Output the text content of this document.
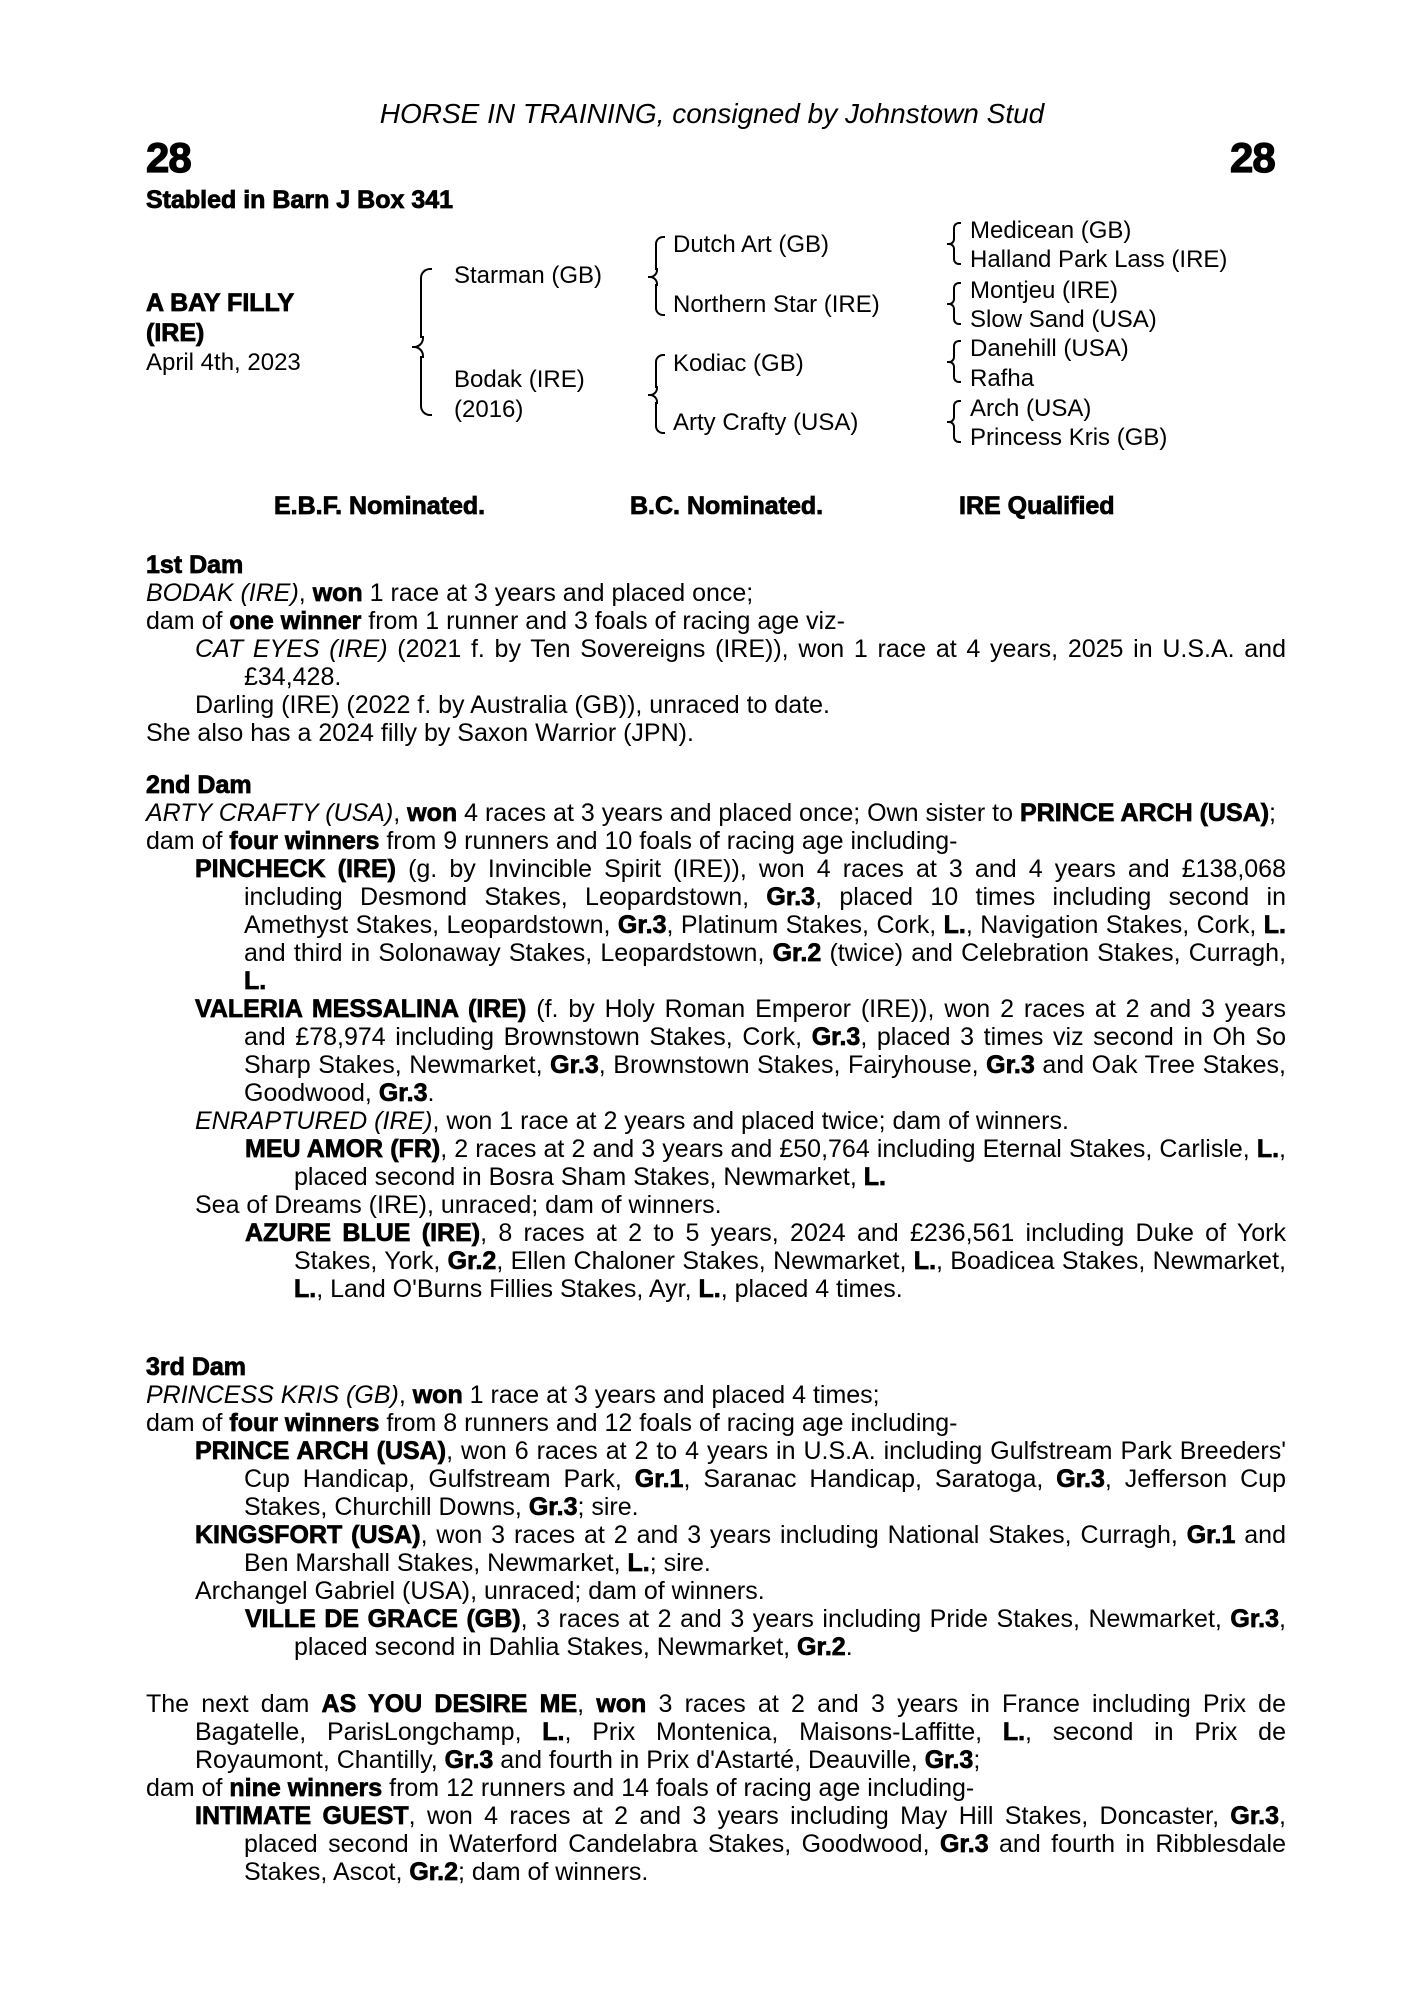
HORSE IN TRAINING, consigned by Johnstown Stud
28	28
Stabled in Barn J Box 341
A BAY FILLY
(IRE)
April 4th, 2023
Starman (GB)
Bodak (IRE)
(2016)
Dutch Art (GB)
Northern Star (IRE)
Kodiac (GB)
Arty Crafty (USA)
Medicean (GB)
Halland Park Lass (IRE)
Montjeu (IRE)
Slow Sand (USA)
Danehill (USA)
Rafha
Arch (USA)
Princess Kris (GB)
E.B.F. Nominated.	B.C. Nominated.	IRE Qualified
1st Dam
BODAK (IRE), won 1 race at 3 years and placed once;
dam of one winner from 1 runner and 3 foals of racing age viz-
CAT EYES (IRE) (2021 f. by Ten Sovereigns (IRE)), won 1 race at 4 years, 2025 in U.S.A. and £34,428.
Darling (IRE) (2022 f. by Australia (GB)), unraced to date.
She also has a 2024 filly by Saxon Warrior (JPN).
2nd Dam
ARTY CRAFTY (USA), won 4 races at 3 years and placed once; Own sister to PRINCE ARCH (USA);
dam of four winners from 9 runners and 10 foals of racing age including-
PINCHECK (IRE) (g. by Invincible Spirit (IRE)), won 4 races at 3 and 4 years and £138,068 including Desmond Stakes, Leopardstown, Gr.3, placed 10 times including second in Amethyst Stakes, Leopardstown, Gr.3, Platinum Stakes, Cork, L., Navigation Stakes, Cork, L. and third in Solonaway Stakes, Leopardstown, Gr.2 (twice) and Celebration Stakes, Curragh, L.
VALERIA MESSALINA (IRE) (f. by Holy Roman Emperor (IRE)), won 2 races at 2 and 3 years and £78,974 including Brownstown Stakes, Cork, Gr.3, placed 3 times viz second in Oh So Sharp Stakes, Newmarket, Gr.3, Brownstown Stakes, Fairyhouse, Gr.3 and Oak Tree Stakes, Goodwood, Gr.3.
ENRAPTURED (IRE), won 1 race at 2 years and placed twice; dam of winners.
MEU AMOR (FR), 2 races at 2 and 3 years and £50,764 including Eternal Stakes, Carlisle, L., placed second in Bosra Sham Stakes, Newmarket, L.
Sea of Dreams (IRE), unraced; dam of winners.
AZURE BLUE (IRE), 8 races at 2 to 5 years, 2024 and £236,561 including Duke of York Stakes, York, Gr.2, Ellen Chaloner Stakes, Newmarket, L., Boadicea Stakes, Newmarket, L., Land O'Burns Fillies Stakes, Ayr, L., placed 4 times.
3rd Dam
PRINCESS KRIS (GB), won 1 race at 3 years and placed 4 times;
dam of four winners from 8 runners and 12 foals of racing age including-
PRINCE ARCH (USA), won 6 races at 2 to 4 years in U.S.A. including Gulfstream Park Breeders' Cup Handicap, Gulfstream Park, Gr.1, Saranac Handicap, Saratoga, Gr.3, Jefferson Cup Stakes, Churchill Downs, Gr.3; sire.
KINGSFORT (USA), won 3 races at 2 and 3 years including National Stakes, Curragh, Gr.1 and Ben Marshall Stakes, Newmarket, L.; sire.
Archangel Gabriel (USA), unraced; dam of winners.
VILLE DE GRACE (GB), 3 races at 2 and 3 years including Pride Stakes, Newmarket, Gr.3, placed second in Dahlia Stakes, Newmarket, Gr.2.
The next dam AS YOU DESIRE ME, won 3 races at 2 and 3 years in France including Prix de Bagatelle, ParisLongchamp, L., Prix Montenica, Maisons-Laffitte, L., second in Prix de Royaumont, Chantilly, Gr.3 and fourth in Prix d'Astarté, Deauville, Gr.3;
dam of nine winners from 12 runners and 14 foals of racing age including-
INTIMATE GUEST, won 4 races at 2 and 3 years including May Hill Stakes, Doncaster, Gr.3, placed second in Waterford Candelabra Stakes, Goodwood, Gr.3 and fourth in Ribblesdale Stakes, Ascot, Gr.2; dam of winners.
